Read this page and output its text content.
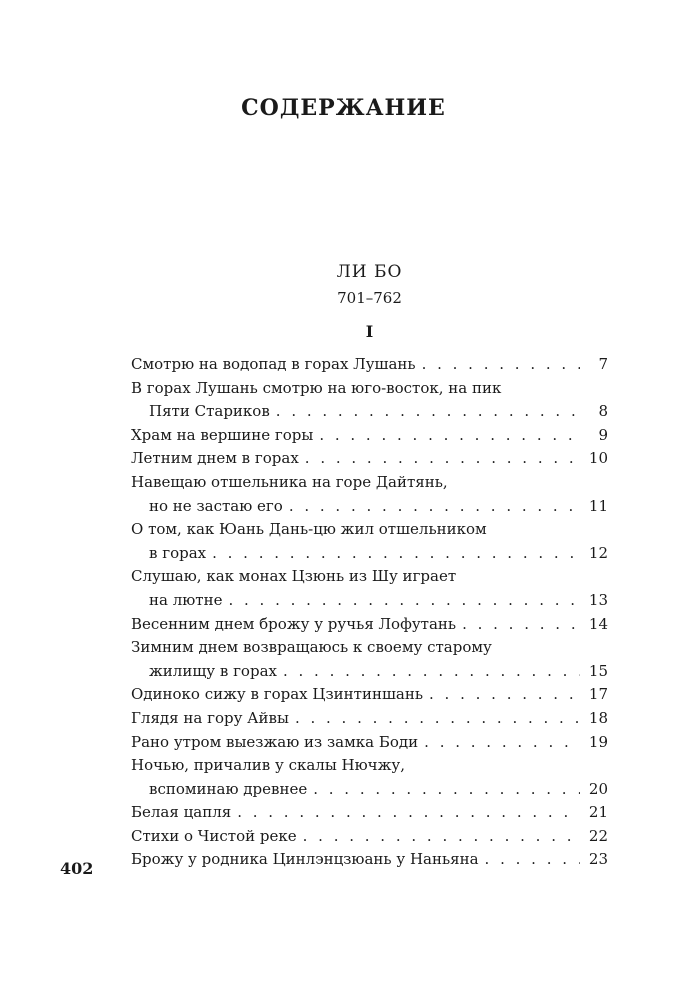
СОДЕРЖАНИЕ
ЛИ БО
701–762
I
Смотрю на водопад в горах Лушань . . .	7
В горах Лушань смотрю на юго-восток, на пик
Пяти Стариков . . .	8
Храм на вершине горы . . .	9
Летним днем в горах . . .	10
Навещаю отшельника на горе Дайтянь,
но не застаю его . . .	11
О том, как Юань Дань-цю жил отшельником
в горах . . .	12
Слушаю, как монах Цзюнь из Шу играет
на лютне . . .	13
Весенним днем брожу у ручья Лофутань . . .	14
Зимним днем возвращаюсь к своему старому
жилищу в горах . . .	15
Одиноко сижу в горах Цзинтиншань . . .	17
Глядя на гору Айвы . . .	18
Рано утром выезжаю из замка Боди . . .	19
Ночью, причалив у скалы Нючжу,
вспоминаю древнее . . .	20
Белая цапля . . .	21
Стихи о Чистой реке . . .	22
Брожу у родника Цинлэнцзюань у Наньяна . . .	23
402
